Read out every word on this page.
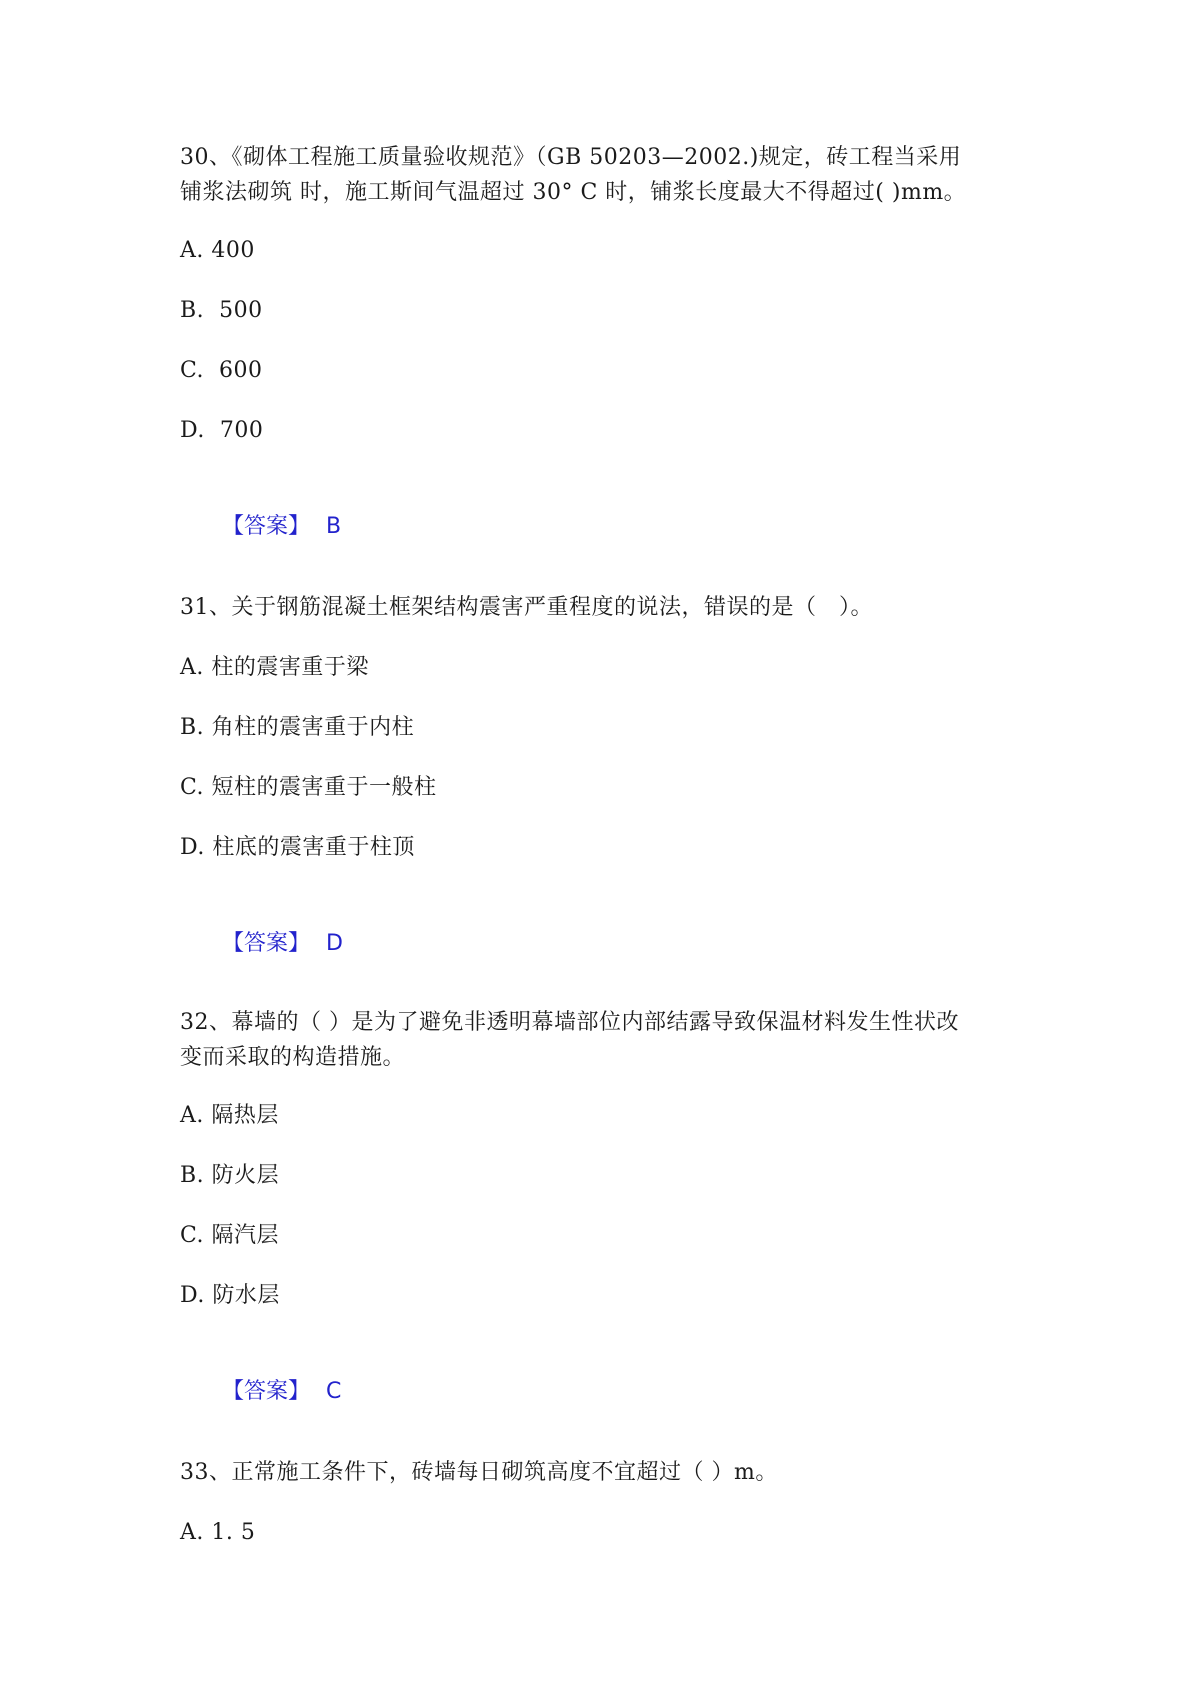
30、《砌体工程施工质量验收规范》（GB 50203—2002.)规定，砖工程当采用
铺浆法砌筑 时，施工斯间气温超过 30° C 时，铺浆长度最大不得超过( )mm。
A. 400
B.  500
C.  600
D.  700

【答案】 B

31、关于钢筋混凝土框架结构震害严重程度的说法，错误的是（   ）。
A. 柱的震害重于梁
B. 角柱的震害重于内柱
C. 短柱的震害重于一般柱
D. 柱底的震害重于柱顶

【答案】 D

32、幕墙的（ ）是为了避免非透明幕墙部位内部结露导致保温材料发生性状改
变而采取的构造措施。
A. 隔热层
B. 防火层
C. 隔汽层
D. 防水层

【答案】 C

33、正常施工条件下，砖墙每日砌筑高度不宜超过（ ）m。
A. 1. 5
